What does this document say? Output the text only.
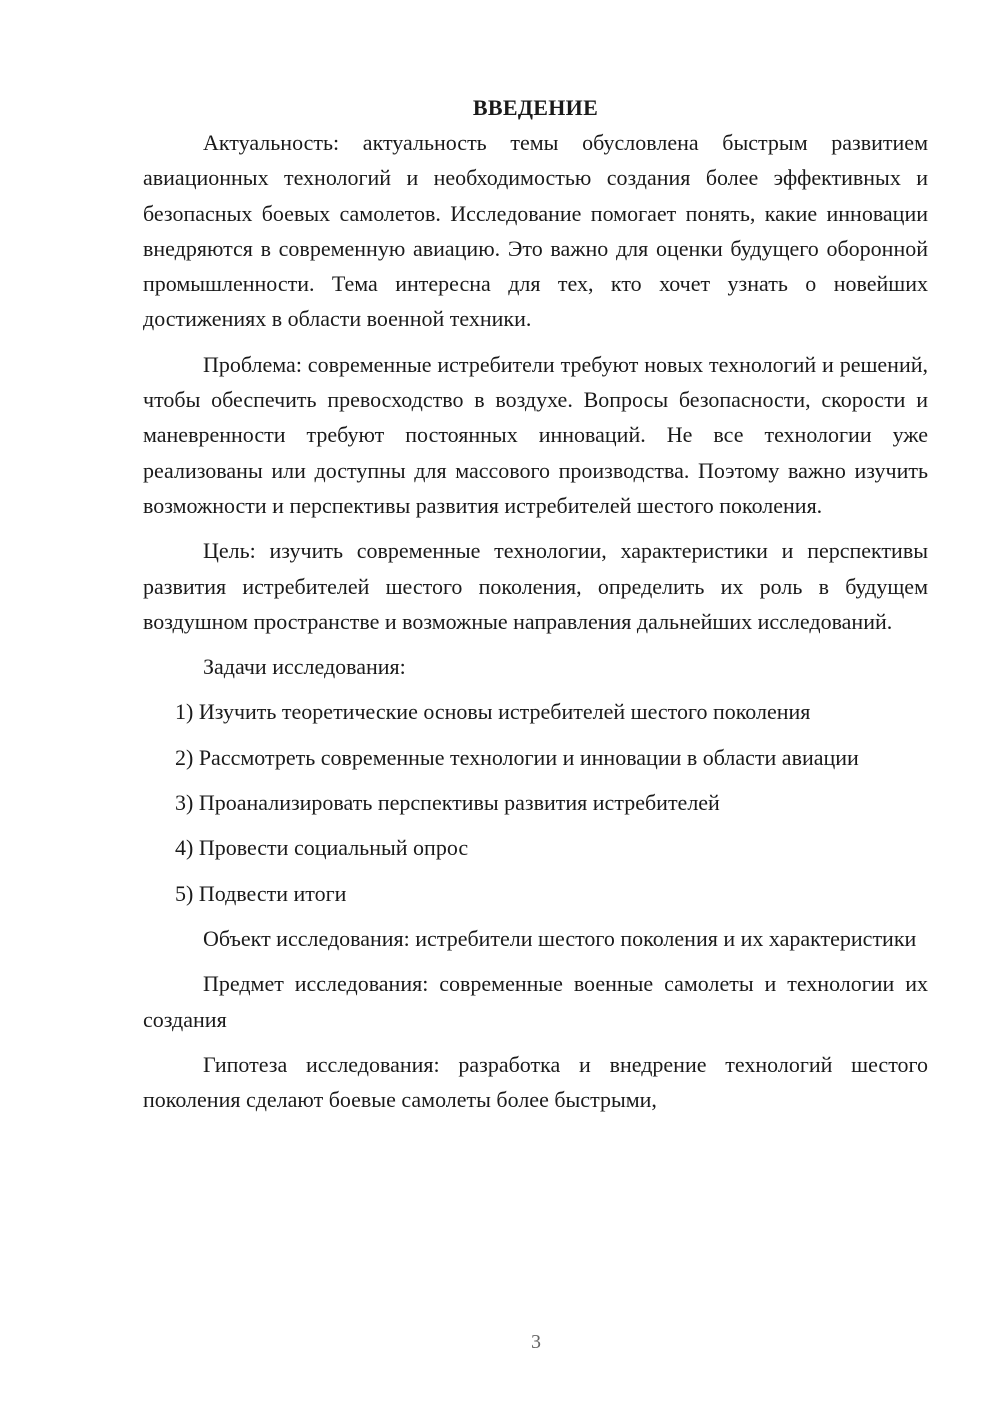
ВВЕДЕНИЕ

Актуальность: актуальность темы обусловлена быстрым развитием авиационных технологий и необходимостью создания более эффективных и безопасных боевых самолетов. Исследование помогает понять, какие инновации внедряются в современную авиацию. Это важно для оценки будущего оборонной промышленности. Тема интересна для тех, кто хочет узнать о новейших достижениях в области военной техники.

Проблема: современные истребители требуют новых технологий и решений, чтобы обеспечить превосходство в воздухе. Вопросы безопасности, скорости и маневренности требуют постоянных инноваций. Не все технологии уже реализованы или доступны для массового производства. Поэтому важно изучить возможности и перспективы развития истребителей шестого поколения.

Цель: изучить современные технологии, характеристики и перспективы развития истребителей шестого поколения, определить их роль в будущем воздушном пространстве и возможные направления дальнейших исследований.

Задачи исследования:

1) Изучить теоретические основы истребителей шестого поколения

2) Рассмотреть современные технологии и инновации в области авиации

3) Проанализировать перспективы развития истребителей

4) Провести социальный опрос

5) Подвести итоги

Объект исследования: истребители шестого поколения и их характеристики

Предмет исследования: современные военные самолеты и технологии их создания

Гипотеза исследования: разработка и внедрение технологий шестого поколения сделают боевые самолеты более быстрыми,

3
